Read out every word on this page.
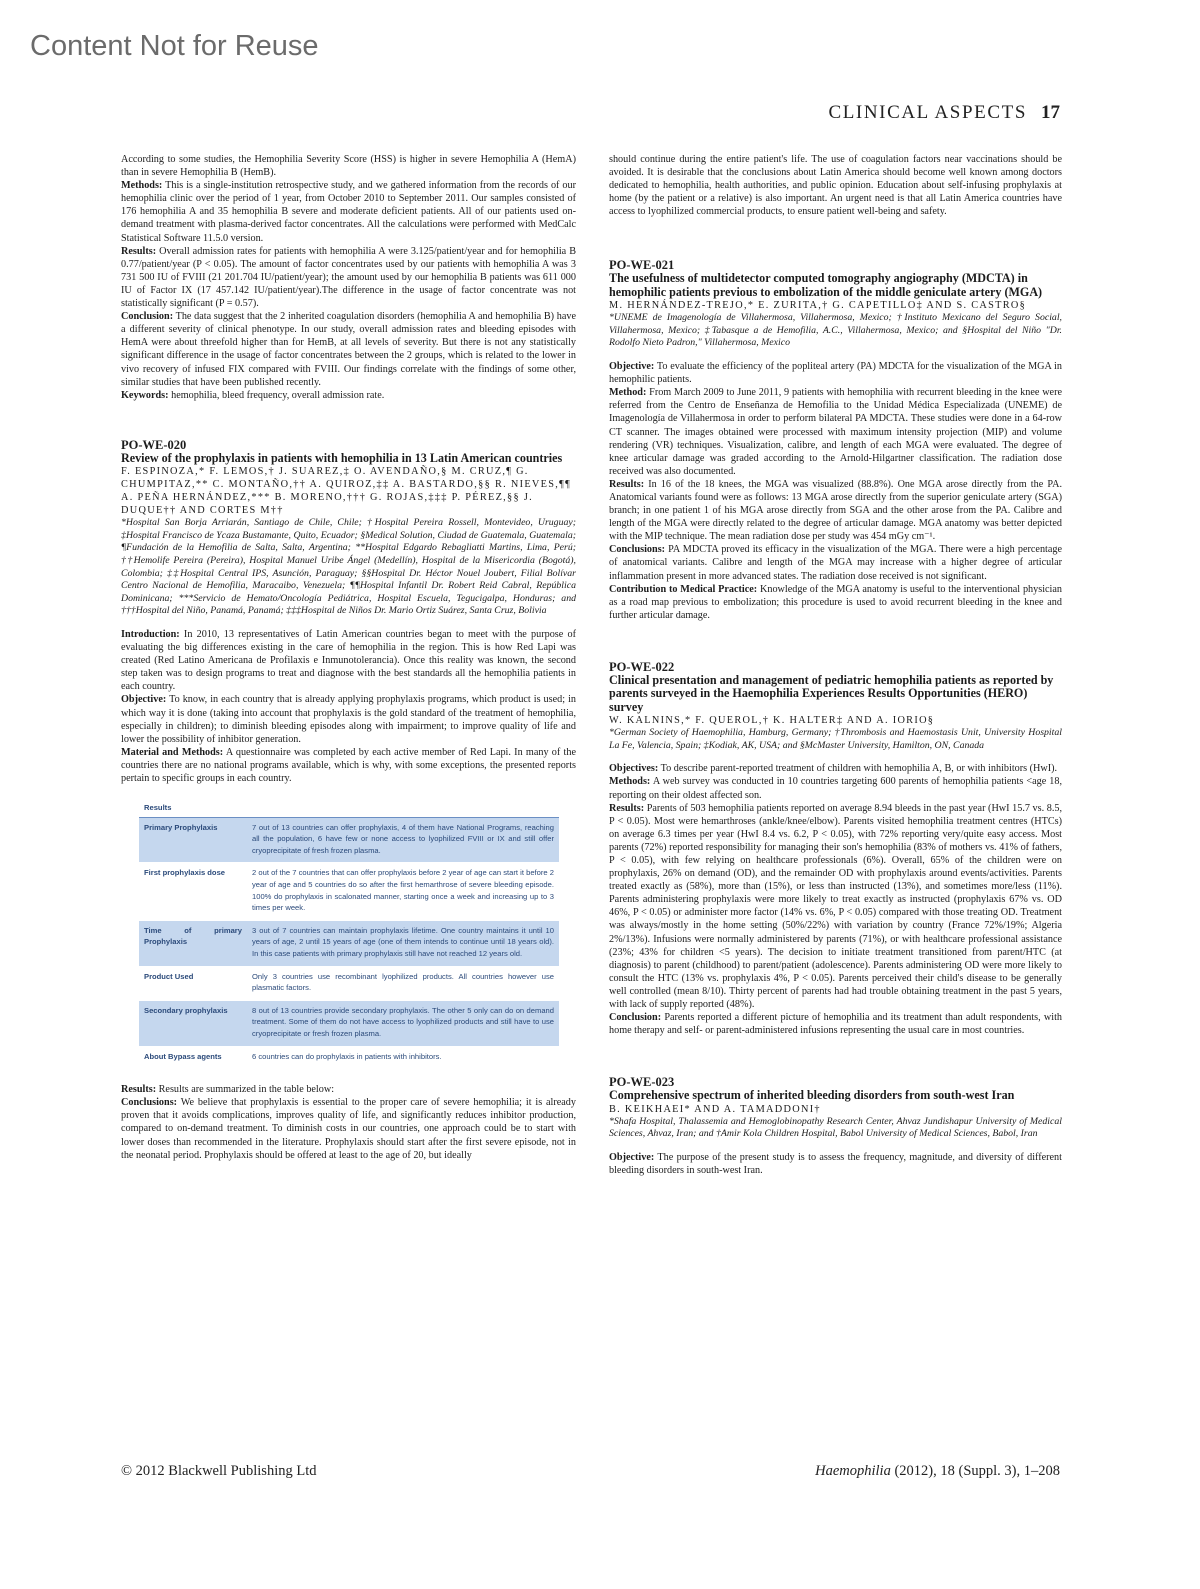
Content Not for Reuse
CLINICAL ASPECTS 17

According to some studies, the Hemophilia Severity Score (HSS) is higher in severe Hemophilia A (HemA) than in severe Hemophilia B (HemB).

Methods: This is a single-institution retrospective study, and we gathered information from the records of our hemophilia clinic over the period of 1 year, from October 2010 to September 2011. Our samples consisted of 176 hemophilia A and 35 hemophilia B severe and moderate deficient patients. All of our patients used on-demand treatment with plasma-derived factor concentrates. All the calculations were performed with MedCalc Statistical Software 11.5.0 version.

Results: Overall admission rates for patients with hemophilia A were 3.125/patient/year and for hemophilia B 0.77/patient/year (P < 0.05). The amount of factor concentrates used by our patients with hemophilia A was 3 731 500 IU of FVIII (21 201.704 IU/patient/year); the amount used by our hemophilia B patients was 611 000 IU of Factor IX (17 457.142 IU/patient/year).The difference in the usage of factor concentrate was not statistically significant (P = 0.57).

Conclusion: The data suggest that the 2 inherited coagulation disorders (hemophilia A and hemophilia B) have a different severity of clinical phenotype. In our study, overall admission rates and bleeding episodes with HemA were about threefold higher than for HemB, at all levels of severity. But there is not any statistically significant difference in the usage of factor concentrates between the 2 groups, which is related to the lower in vivo recovery of infused FIX compared with FVIII. Our findings correlate with the findings of some other, similar studies that have been published recently.

Keywords: hemophilia, bleed frequency, overall admission rate.

PO-WE-020
Review of the prophylaxis in patients with hemophilia in 13 Latin American countries
F. ESPINOZA,* F. LEMOS,† J. SUAREZ,‡ O. AVENDAÑO,§ M. CRUZ,¶ G. CHUMPITAZ,** C. MONTAÑO,†† A. QUIROZ,‡‡ A. BASTARDO,§§ R. NIEVES,¶¶ A. PEÑA HERNÁNDEZ,*** B. MORENO,††† G. ROJAS,‡‡‡ P. PÉREZ,§§ J. DUQUE†† AND CORTES M††
*Hospital San Borja Arriarán, Santiago de Chile, Chile; †Hospital Pereira Rossell, Montevideo, Uruguay; ‡Hospital Francisco de Ycaza Bustamante, Quito, Ecuador; §Medical Solution, Ciudad de Guatemala, Guatemala; ¶Fundación de la Hemofilia de Salta, Salta, Argentina; **Hospital Edgardo Rebagliatti Martins, Lima, Perú; ††Hemolife Pereira (Pereira), Hospital Manuel Uribe Ángel (Medellín), Hospital de la Misericordia (Bogotá), Colombia; ‡‡Hospital Central IPS, Asunción, Paraguay; §§Hospital Dr. Héctor Nouel Joubert, Filial Bolívar Centro Nacional de Hemofilia, Maracaibo, Venezuela; ¶¶Hospital Infantil Dr. Robert Reid Cabral, República Dominicana; ***Servicio de Hemato/Oncología Pediátrica, Hospital Escuela, Tegucigalpa, Honduras; and †††Hospital del Niño, Panamá, Panamá; ‡‡‡Hospital de Niños Dr. Mario Ortiz Suárez, Santa Cruz, Bolivia

Introduction: In 2010, 13 representatives of Latin American countries began to meet with the purpose of evaluating the big differences existing in the care of hemophilia in the region. This is how Red Lapi was created (Red Latino Americana de Profilaxis e Inmunotolerancia). Once this reality was known, the second step taken was to design programs to treat and diagnose with the best standards all the hemophilia patients in each country.

Objective: To know, in each country that is already applying prophylaxis programs, which product is used; in which way it is done (taking into account that prophylaxis is the gold standard of the treatment of hemophilia, especially in children); to diminish bleeding episodes along with impairment; to improve quality of life and lower the possibility of inhibitor generation.

Material and Methods: A questionnaire was completed by each active member of Red Lapi. In many of the countries there are no national programs available, which is why, with some exceptions, the presented reports pertain to specific groups in each country.

Results	
Primary Prophylaxis	7 out of 13 countries can offer prophylaxis, 4 of them have National Programs, reaching all the population, 6 have few or none access to lyophilized FVIII or IX and still offer cryoprecipitate of fresh frozen plasma.
First prophylaxis dose	2 out of the 7 countries that can offer prophylaxis before 2 year of age can start it before 2 year of age and 5 countries do so after the first hemarthrose of severe bleeding episode. 100% do prophylaxis in scalonated manner, starting once a week and increasing up to 3 times per week.
Time of primary Prophylaxis	3 out of 7 countries can maintain prophylaxis lifetime. One country maintains it until 10 years of age, 2 until 15 years of age (one of them intends to continue until 18 years old). In this case patients with primary prophylaxis still have not reached 12 years old.
Product Used	Only 3 countries use recombinant lyophilized products. All countries however use plasmatic factors.
Secondary prophylaxis	8 out of 13 countries provide secondary prophylaxis. The other 5 only can do on demand treatment. Some of them do not have access to lyophilized products and still have to use cryoprecipitate or fresh frozen plasma.
About Bypass agents	6 countries can do prophylaxis in patients with inhibitors.

Results: Results are summarized in the table below:

Conclusions: We believe that prophylaxis is essential to the proper care of severe hemophilia; it is already proven that it avoids complications, improves quality of life, and significantly reduces inhibitor production, compared to on-demand treatment. To diminish costs in our countries, one approach could be to start with lower doses than recommended in the literature. Prophylaxis should start after the first severe episode, not in the neonatal period. Prophylaxis should be offered at least to the age of 20, but ideally

should continue during the entire patient's life. The use of coagulation factors near vaccinations should be avoided. It is desirable that the conclusions about Latin America should become well known among doctors dedicated to hemophilia, health authorities, and public opinion. Education about self-infusing prophylaxis at home (by the patient or a relative) is also important. An urgent need is that all Latin America countries have access to lyophilized commercial products, to ensure patient well-being and safety.

PO-WE-021
The usefulness of multidetector computed tomography angiography (MDCTA) in hemophilic patients previous to embolization of the middle geniculate artery (MGA)
M. HERNÁNDEZ-TREJO,* E. ZURITA,† G. CAPETILLO‡ AND S. CASTRO§
*UNEME de Imagenología de Villahermosa, Villahermosa, Mexico; †Instituto Mexicano del Seguro Social, Villahermosa, Mexico; ‡Tabasque a de Hemofilia, A.C., Villahermosa, Mexico; and §Hospital del Niño "Dr. Rodolfo Nieto Padron," Villahermosa, Mexico

Objective: To evaluate the efficiency of the popliteal artery (PA) MDCTA for the visualization of the MGA in hemophilic patients.

Method: From March 2009 to June 2011, 9 patients with hemophilia with recurrent bleeding in the knee were referred from the Centro de Enseñanza de Hemofilia to the Unidad Médica Especializada (UNEME) de Imagenología de Villahermosa in order to perform bilateral PA MDCTA. These studies were done in a 64-row CT scanner. The images obtained were processed with maximum intensity projection (MIP) and volume rendering (VR) techniques. Visualization, calibre, and length of each MGA were evaluated. The degree of knee articular damage was graded according to the Arnold-Hilgartner classification. The radiation dose received was also documented.

Results: In 16 of the 18 knees, the MGA was visualized (88.8%). One MGA arose directly from the PA. Anatomical variants found were as follows: 13 MGA arose directly from the superior geniculate artery (SGA) branch; in one patient 1 of his MGA arose directly from SGA and the other arose from the PA. Calibre and length of the MGA were directly related to the degree of articular damage. MGA anatomy was better depicted with the MIP technique. The mean radiation dose per study was 454 mGy cm⁻¹.

Conclusions: PA MDCTA proved its efficacy in the visualization of the MGA. There were a high percentage of anatomical variants. Calibre and length of the MGA may increase with a higher degree of articular inflammation present in more advanced states. The radiation dose received is not significant.

Contribution to Medical Practice: Knowledge of the MGA anatomy is useful to the interventional physician as a road map previous to embolization; this procedure is used to avoid recurrent bleeding in the knee and further articular damage.

PO-WE-022
Clinical presentation and management of pediatric hemophilia patients as reported by parents surveyed in the Haemophilia Experiences Results Opportunities (HERO) survey
W. KALNINS,* F. QUEROL,† K. HALTER‡ AND A. IORIO§
*German Society of Haemophilia, Hamburg, Germany; †Thrombosis and Haemostasis Unit, University Hospital La Fe, Valencia, Spain; ‡Kodiak, AK, USA; and §McMaster University, Hamilton, ON, Canada

Objectives: To describe parent-reported treatment of children with hemophilia A, B, or with inhibitors (HwI).

Methods: A web survey was conducted in 10 countries targeting 600 parents of hemophilia patients <age 18, reporting on their oldest affected son.

Results: Parents of 503 hemophilia patients reported on average 8.94 bleeds in the past year (HwI 15.7 vs. 8.5, P < 0.05). Most were hemarthroses (ankle/knee/elbow). Parents visited hemophilia treatment centres (HTCs) on average 6.3 times per year (HwI 8.4 vs. 6.2, P < 0.05), with 72% reporting very/quite easy access. Most parents (72%) reported responsibility for managing their son's hemophilia (83% of mothers vs. 41% of fathers, P < 0.05), with few relying on healthcare professionals (6%). Overall, 65% of the children were on prophylaxis, 26% on demand (OD), and the remainder OD with prophylaxis around events/activities. Parents treated exactly as (58%), more than (15%), or less than instructed (13%), and sometimes more/less (11%). Parents administering prophylaxis were more likely to treat exactly as instructed (prophylaxis 67% vs. OD 46%, P < 0.05) or administer more factor (14% vs. 6%, P < 0.05) compared with those treating OD. Treatment was always/mostly in the home setting (50%/22%) with variation by country (France 72%/19%; Algeria 2%/13%). Infusions were normally administered by parents (71%), or with healthcare professional assistance (23%; 43% for children <5 years). The decision to initiate treatment transitioned from parent/HTC (at diagnosis) to parent (childhood) to parent/patient (adolescence). Parents administering OD were more likely to consult the HTC (13% vs. prophylaxis 4%, P < 0.05). Parents perceived their child's disease to be generally well controlled (mean 8/10). Thirty percent of parents had had trouble obtaining treatment in the past 5 years, with lack of supply reported (48%).

Conclusion: Parents reported a different picture of hemophilia and its treatment than adult respondents, with home therapy and self- or parent-administered infusions representing the usual care in most countries.

PO-WE-023
Comprehensive spectrum of inherited bleeding disorders from south-west Iran
B. KEIKHAEI* AND A. TAMADDONI†
*Shafa Hospital, Thalassemia and Hemoglobinopathy Research Center, Ahvaz Jundishapur University of Medical Sciences, Ahvaz, Iran; and †Amir Kola Children Hospital, Babol University of Medical Sciences, Babol, Iran

Objective: The purpose of the present study is to assess the frequency, magnitude, and diversity of different bleeding disorders in south-west Iran.

© 2012 Blackwell Publishing Ltd	Haemophilia (2012), 18 (Suppl. 3), 1–208
